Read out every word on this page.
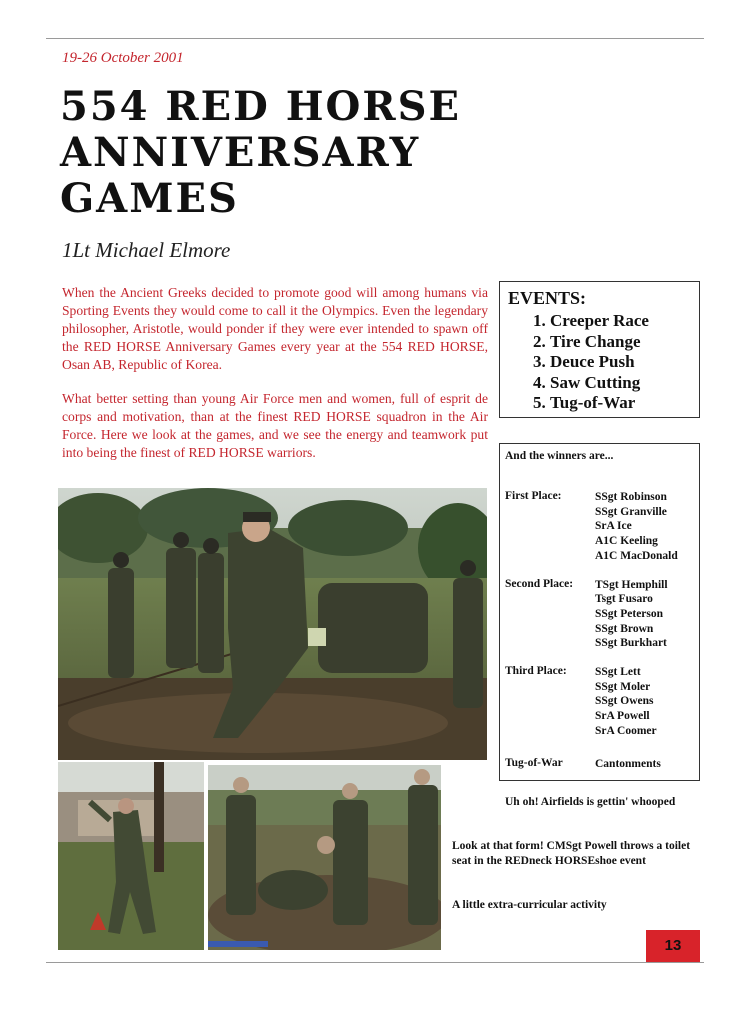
19-26 October 2001
554 RED HORSE
ANNIVERSARY
GAMES
1Lt Michael Elmore

When the Ancient Greeks decided to promote good will among humans via Sporting Events they would come to call it the Olympics. Even the legendary philosopher, Aristotle, would ponder if they were ever intended to spawn off the RED HORSE Anniversary Games every year at the 554 RED HORSE, Osan AB, Republic of Korea.

What better setting than young Air Force men and women, full of esprit de corps and motivation, than at the finest RED HORSE squadron in the Air Force. Here we look at the games, and we see the energy and teamwork put into being the finest of RED HORSE warriors.

EVENTS:
1. Creeper Race
2. Tire Change
3. Deuce Push
4. Saw Cutting
5. Tug-of-War
And the winners are...
First Place:	SSgt Robinson
SSgt Granville
SrA Ice
A1C Keeling
A1C MacDonald
Second Place: TSgt Hemphill
Tsgt Fusaro
SSgt Peterson
SSgt Brown
SSgt Burkhart
Third Place: SSgt Lett
SSgt Moler
SSgt Owens
SrA Powell
SrA Coomer
Tug-of-War	Cantonments
Uh oh! Airfields is gettin' whooped
Look at that form! CMSgt Powell throws a toilet seat in the REDneck HORSEshoe event
A little extra-curricular activity
13
